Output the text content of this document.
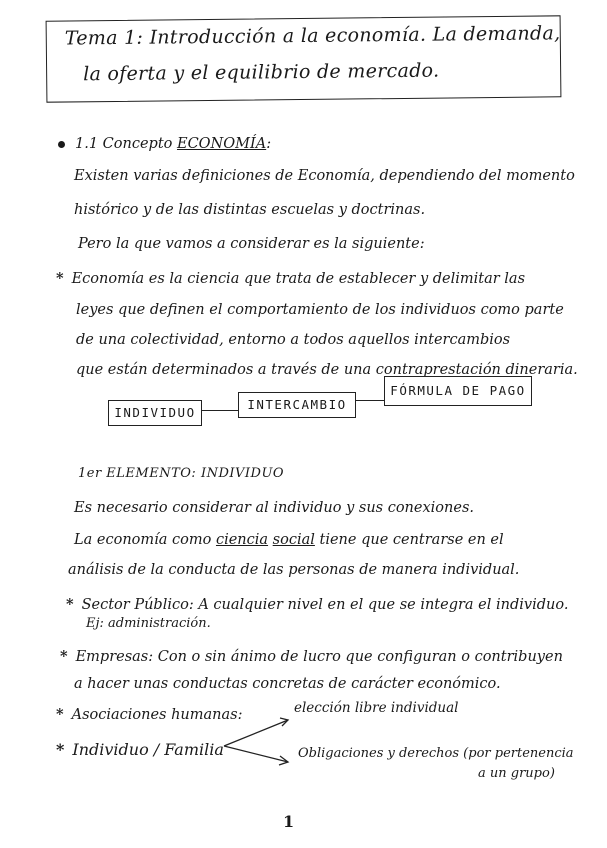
Tema 1: Introducción a la economía. La demanda,
la oferta y el equilibrio de mercado.
1.1 Concepto ECONOMÍA:
Existen varias definiciones de Economía, dependiendo del momento
histórico y de las distintas escuelas y doctrinas.
Pero la que vamos a considerar es la siguiente:
* Economía es la ciencia que trata de establecer y delimitar las
leyes que definen el comportamiento de los individuos como parte
de una colectividad, entorno a todos aquellos intercambios
que están determinados a través de una contraprestación dineraria.
INDIVIDUO
INTERCAMBIO
FÓRMULA DE PAGO
1er ELEMENTO: INDIVIDUO
Es necesario considerar al individuo y sus conexiones.
La economía como ciencia social tiene que centrarse en el
análisis de la conducta de las personas de manera individual.
* Sector Público: A cualquier nivel en el que se integra el individuo.
Ej: administración.
* Empresas: Con o sin ánimo de lucro que configuran o contribuyen
a hacer unas conductas concretas de carácter económico.
* Asociaciones humanas:
* Individuo / Familia
elección libre individual
Obligaciones y derechos (por pertenencia
a un grupo)
1
